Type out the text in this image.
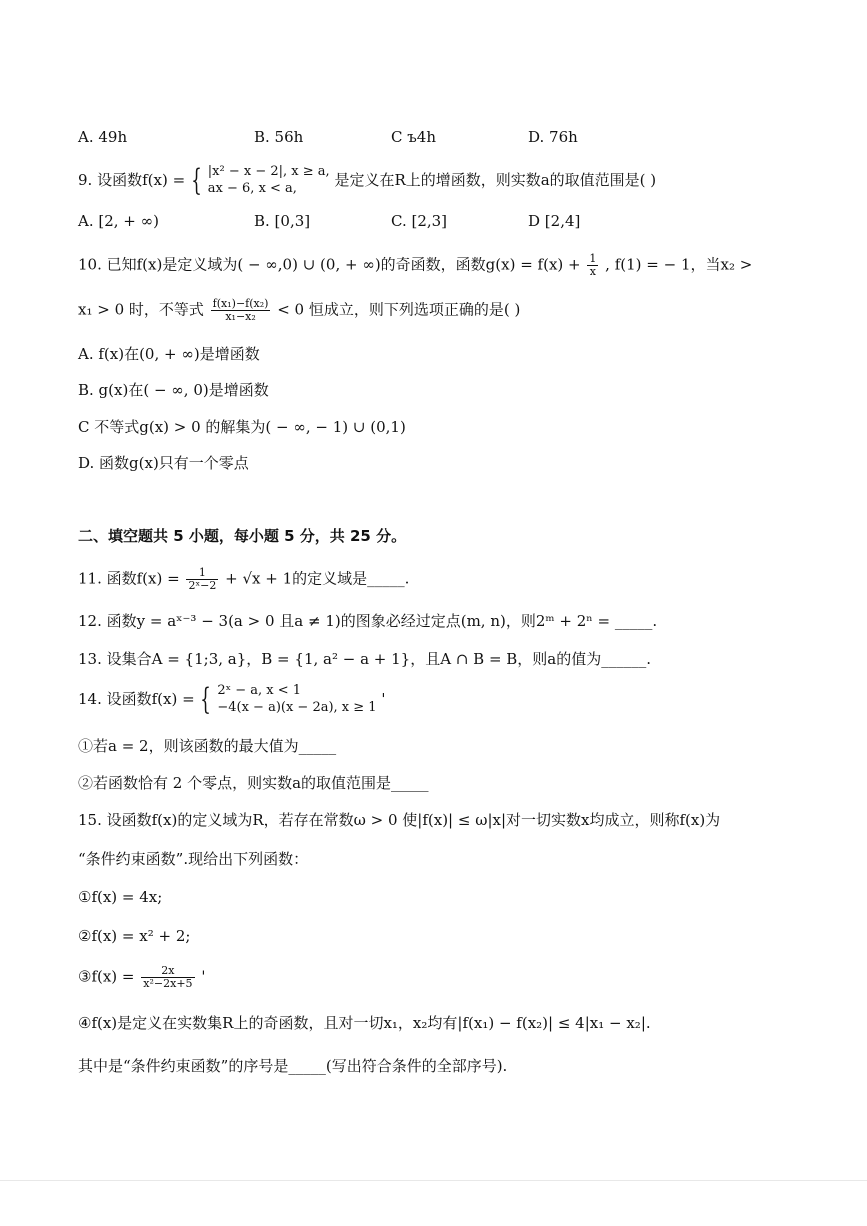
A. 49h	B. 56h	C ъ4h	D. 76h
9. 设函数f(x) = { |x² − x − 2|, x ≥ a,
ax − 6, x < a,	是定义在R上的增函数，则实数a的取值范围是( )
A. [2, + ∞)	B. [0,3]	C. [2,3]	D [2,4]
10. 已知f(x)是定义域为( − ∞,0) ∪ (0, + ∞)的奇函数，函数$g(x) = f(x) + \frac{1}{x}$ , f(1) = − 1，当x₂ >
x₁ > 0 时，不等式 $\frac{\text{f(x₁)−f(x₂)}}{\text{x₁−x₂}} < 0$ 恒成立，则下列选项正确的是( )
A. f(x)在(0, + ∞)是增函数
B. g(x)在( − ∞, 0)是增函数
C 不等式g(x) > 0 的解集为( − ∞, − 1) ∪ (0,1)
D. 函数g(x)只有一个零点
二、填空题共 5 小题，每小题 5 分，共 25 分。
11. 函数$f(x) = \frac{1}{\text{2ˣ−2}} + √x + 1$的定义域是_____.
12. 函数y = aˣ⁻³ − 3(a > 0 且a ≠ 1)的图象必经过定点(m, n)，则2ᵐ + 2ⁿ = _____.
13. 设集合A = {1;3, a}，B = {1, a² − a + 1}，且A ∩ B = B，则a的值为______.
14. 设函数f(x) = { 2ˣ − a, x < 1
−4(x − a)(x − 2a), x ≥ 1 '
①若a = 2，则该函数的最大值为_____
②若函数恰有 2 个零点，则实数a的取值范围是_____
15. 设函数f(x)的定义域为R，若存在常数ω > 0 使|f(x)| ≤ ω|x|对一切实数x均成立，则称f(x)为
“条件约束函数”.现给出下列函数：
①f(x) = 4x;
②f(x) = x² + 2;
③f(x) = $\frac{2x}{\text{x²−2x+5}}$ '
④f(x)是定义在实数集R上的奇函数，且对一切x₁，x₂均有|f(x₁) − f(x₂)| ≤ 4|x₁ − x₂|.
其中是“条件约束函数”的序号是_____(写出符合条件的全部序号).
